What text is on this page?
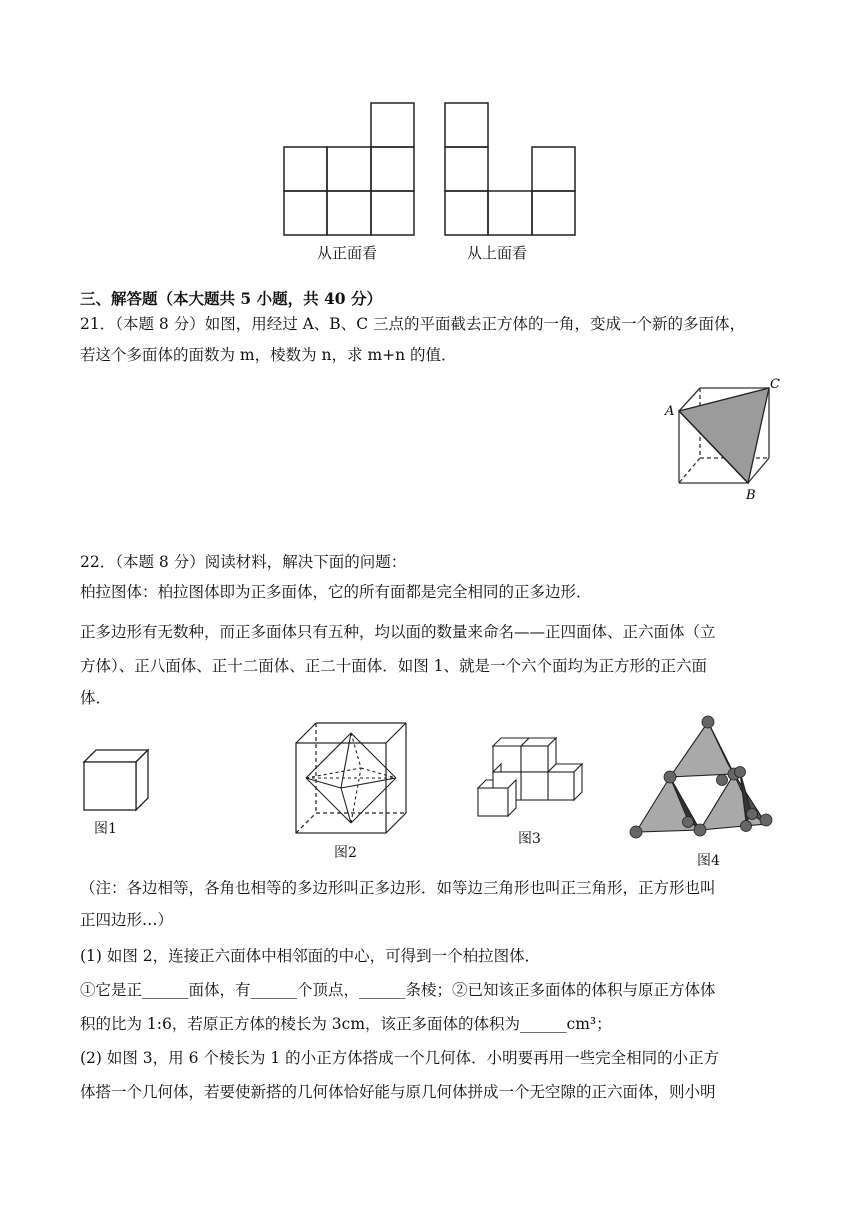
从正面看	从上面看
三、解答题（本大题共 5 小题，共 40 分）
21．（本题 8 分）如图，用经过 A、B、C 三点的平面截去正方体的一角，变成一个新的多面体，
若这个多面体的面数为 m，棱数为 n，求 m+n 的值．
A
C
B
22．（本题 8 分）阅读材料，解决下面的问题：
柏拉图体：柏拉图体即为正多面体，它的所有面都是完全相同的正多边形．
正多边形有无数种，而正多面体只有五种，均以面的数量来命名——正四面体、正六面体（立
方体）、正八面体、正十二面体、正二十面体．如图 1、就是一个六个面均为正方形的正六面
体．
图1
图2
图3
图4
（注：各边相等，各角也相等的多边形叫正多边形．如等边三角形也叫正三角形，正方形也叫
正四边形…）
(1) 如图 2，连接正六面体中相邻面的中心，可得到一个柏拉图体．
①它是正______面体，有______个顶点，______条棱；②已知该正多面体的体积与原正方体体
积的比为 1:6，若原正方体的棱长为 3cm，该正多面体的体积为______cm³；
(2) 如图 3，用 6 个棱长为 1 的小正方体搭成一个几何体．小明要再用一些完全相同的小正方
体搭一个几何体，若要使新搭的几何体恰好能与原几何体拼成一个无空隙的正六面体，则小明
